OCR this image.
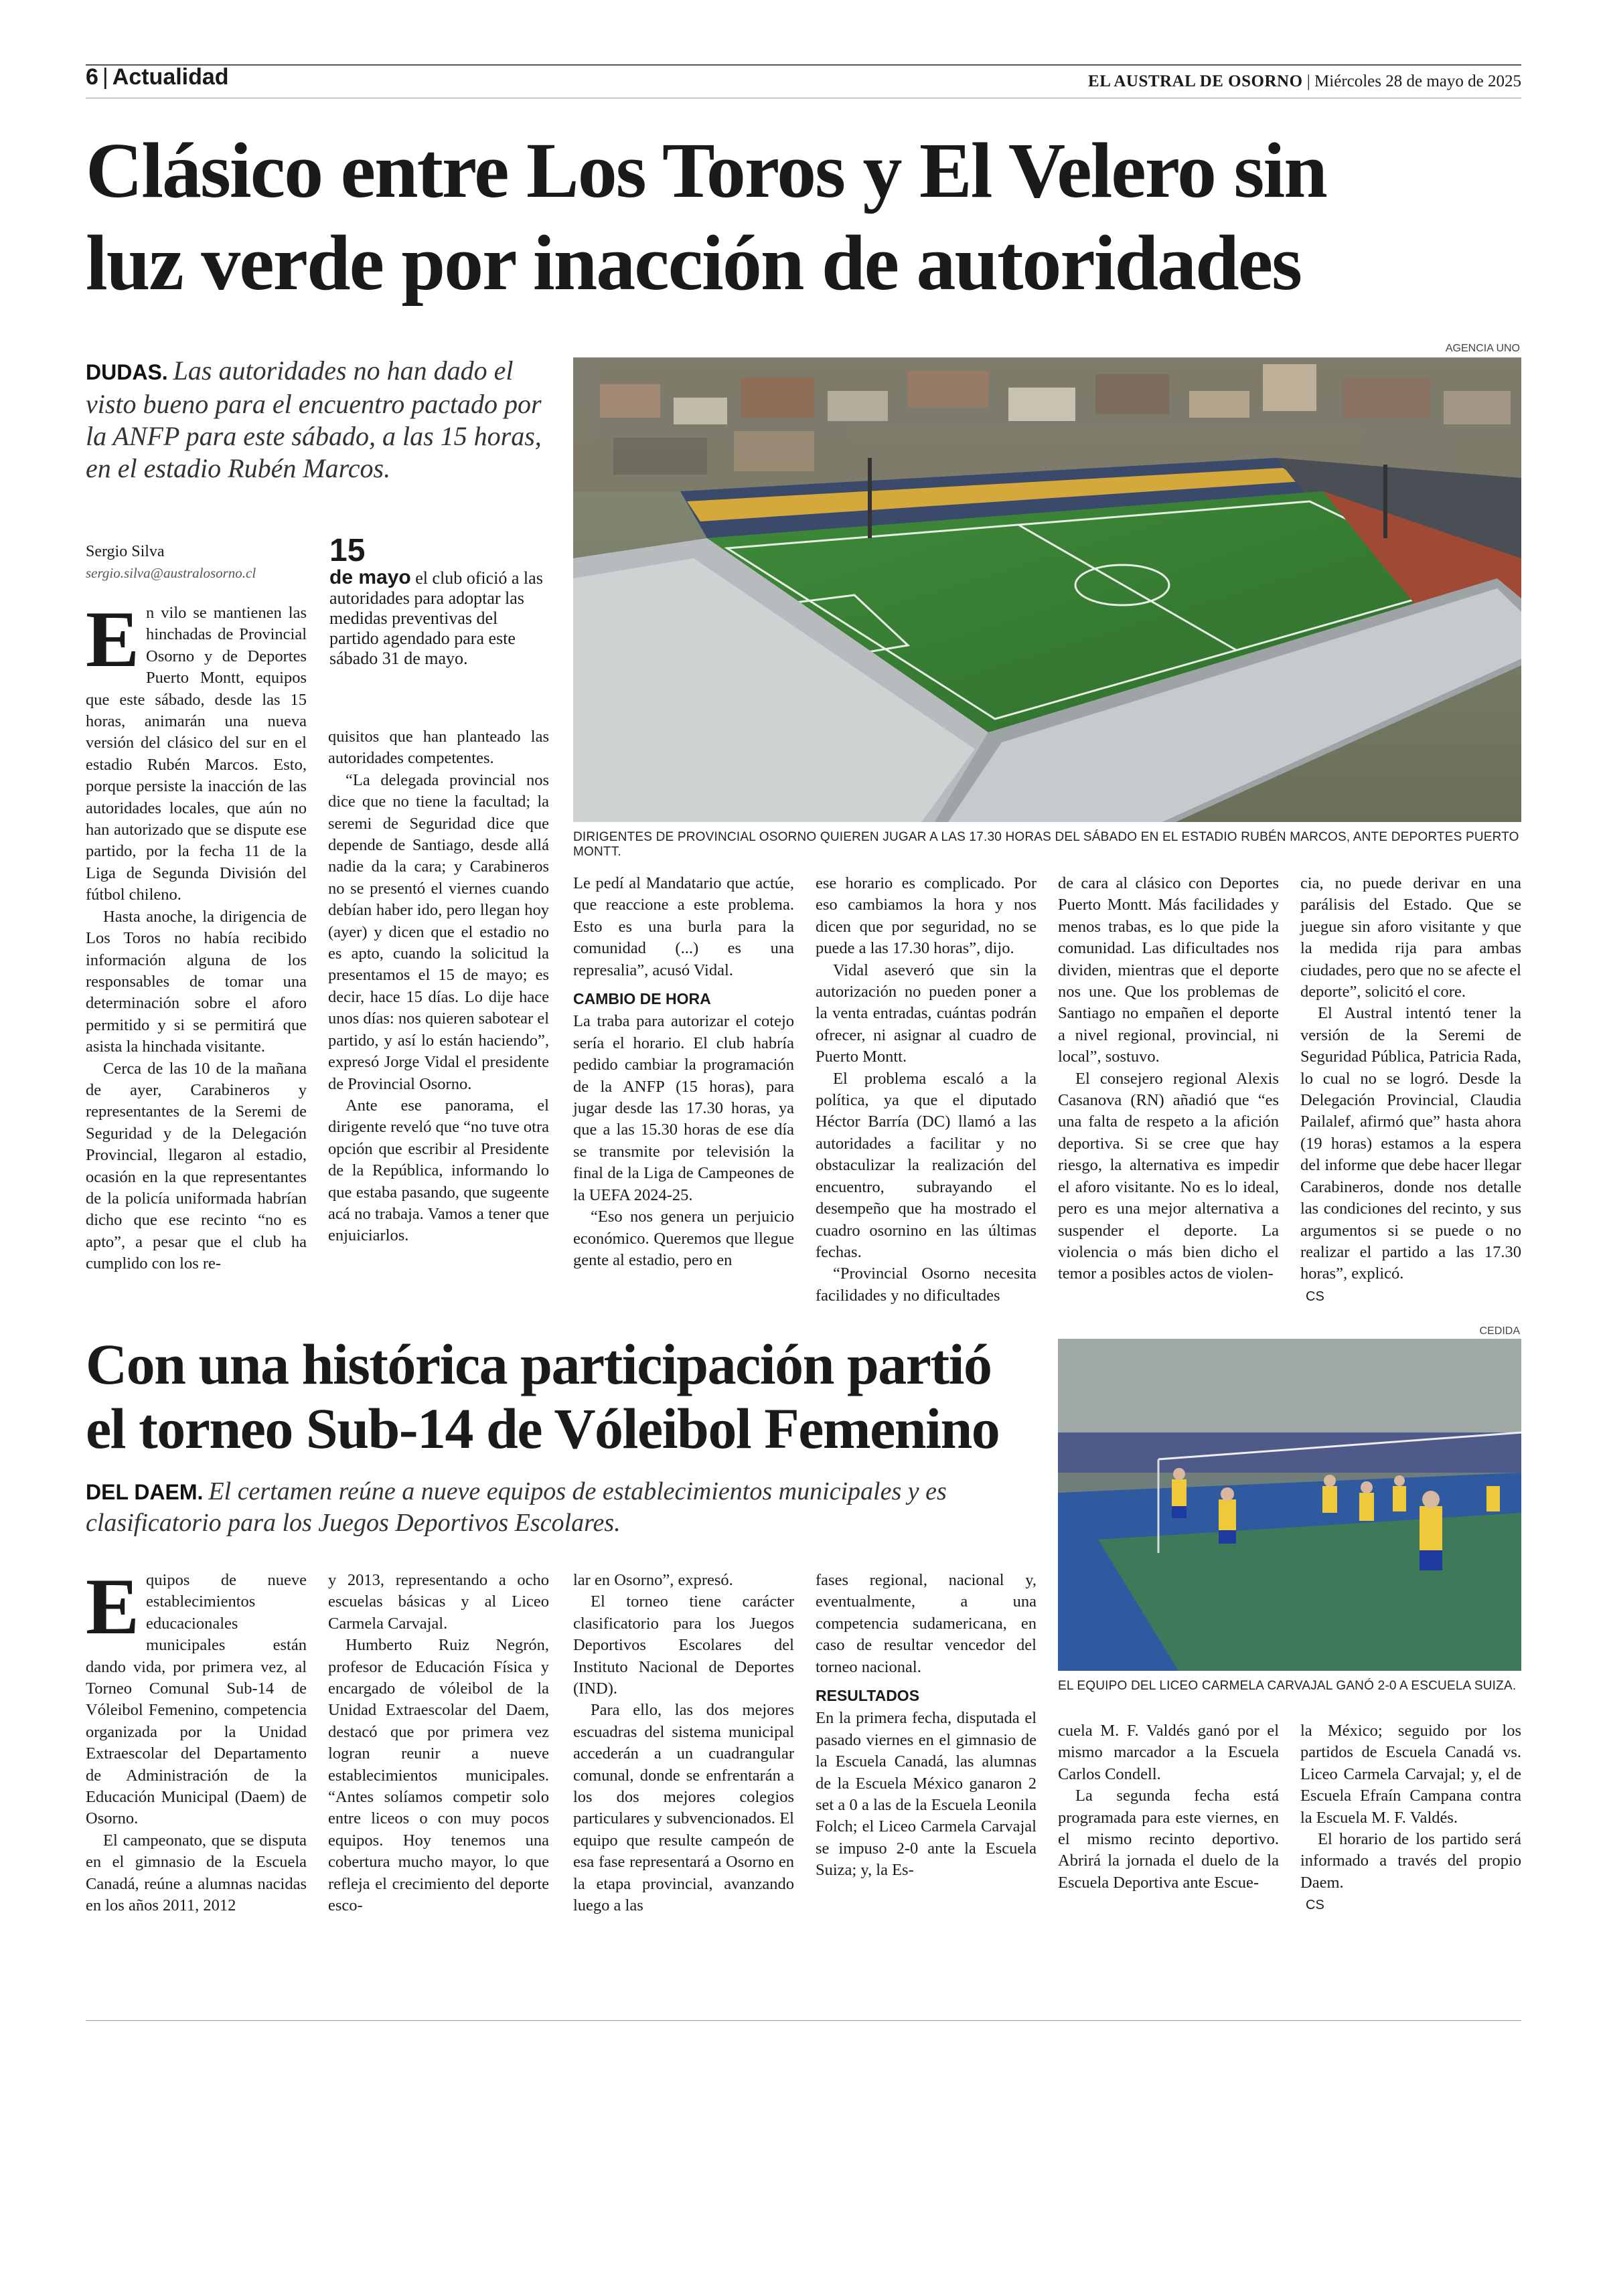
6 | Actualidad	EL AUSTRAL DE OSORNO | Miércoles 28 de mayo de 2025
Clásico entre Los Toros y El Velero sin
luz verde por inacción de autoridades
DUDAS. Las autoridades no han dado el visto bueno para el encuentro pactado por la ANFP para este sábado, a las 15 horas, en el estadio Rubén Marcos.
AGENCIA UNO
DIRIGENTES DE PROVINCIAL OSORNO QUIEREN JUGAR A LAS 17.30 HORAS DEL SÁBADO EN EL ESTADIO RUBÉN MARCOS, ANTE DEPORTES PUERTO MONTT.
Sergio Silva
sergio.silva@australosorno.cl
15
de mayo el club ofició a las autoridades para adoptar las medidas preventivas del partido agendado para este sábado 31 de mayo.
E n vilo se mantienen las hinchadas de Provincial Osorno y de Deportes Puerto Montt, equipos que este sábado, desde las 15 horas, animarán una nueva versión del clásico del sur en el estadio Rubén Marcos. Esto, porque persiste la inacción de las autoridades locales, que aún no han autorizado que se dispute ese partido, por la fecha 11 de la Liga de Segunda División del fútbol chileno.

Hasta anoche, la dirigencia de Los Toros no había recibido información alguna de los responsables de tomar una determinación sobre el aforo permitido y si se permitirá que asista la hinchada visitante.

Cerca de las 10 de la mañana de ayer, Carabineros y representantes de la Seremi de Seguridad y de la Delegación Provincial, llegaron al estadio, ocasión en la que representantes de la policía uniformada habrían dicho que ese recinto “no es apto”, a pesar que el club ha cumplido con los re-

quisitos que han planteado las autoridades competentes.

“La delegada provincial nos dice que no tiene la facultad; la seremi de Seguridad dice que depende de Santiago, desde allá nadie da la cara; y Carabineros no se presentó el viernes cuando debían haber ido, pero llegan hoy (ayer) y dicen que el estadio no es apto, cuando la solicitud la presentamos el 15 de mayo; es decir, hace 15 días. Lo dije hace unos días: nos quieren sabotear el partido, y así lo están haciendo”, expresó Jorge Vidal el presidente de Provincial Osorno.

Ante ese panorama, el dirigente reveló que “no tuve otra opción que escribir al Presidente de la República, informando lo que estaba pasando, que sugeente acá no trabaja. Vamos a tener que enjuiciarlos.

Le pedí al Mandatario que actúe, que reaccione a este problema. Esto es una burla para la comunidad (...) es una represalia”, acusó Vidal.

CAMBIO DE HORA

La traba para autorizar el cotejo sería el horario. El club habría pedido cambiar la programación de la ANFP (15 horas), para jugar desde las 17.30 horas, ya que a las 15.30 horas de ese día se transmite por televisión la final de la Liga de Campeones de la UEFA 2024-25.

“Eso nos genera un perjuicio económico. Queremos que llegue gente al estadio, pero en

ese horario es complicado. Por eso cambiamos la hora y nos dicen que por seguridad, no se puede a las 17.30 horas”, dijo.

Vidal aseveró que sin la autorización no pueden poner a la venta entradas, cuántas podrán ofrecer, ni asignar al cuadro de Puerto Montt.

El problema escaló a la política, ya que el diputado Héctor Barría (DC) llamó a las autoridades a facilitar y no obstaculizar la realización del encuentro, subrayando el desempeño que ha mostrado el cuadro osornino en las últimas fechas.

“Provincial Osorno necesita facilidades y no dificultades

de cara al clásico con Deportes Puerto Montt. Más facilidades y menos trabas, es lo que pide la comunidad. Las dificultades nos dividen, mientras que el deporte nos une. Que los problemas de Santiago no empañen el deporte a nivel regional, provincial, ni local”, sostuvo.

El consejero regional Alexis Casanova (RN) añadió que “es una falta de respeto a la afición deportiva. Si se cree que hay riesgo, la alternativa es impedir el aforo visitante. No es lo ideal, pero es una mejor alternativa a suspender el deporte. La violencia o más bien dicho el temor a posibles actos de violen-

cia, no puede derivar en una parálisis del Estado. Que se juegue sin aforo visitante y que la medida rija para ambas ciudades, pero que no se afecte el deporte”, solicitó el core.

El Austral intentó tener la versión de la Seremi de Seguridad Pública, Patricia Rada, lo cual no se logró. Desde la Delegación Provincial, Claudia Pailalef, afirmó que” hasta ahora (19 horas) estamos a la espera del informe que debe hacer llegar Carabineros, donde nos detalle las condiciones del recinto, y sus argumentos si se puede o no realizar el partido a las 17.30 horas”, explicó.

CS
Con una histórica participación partió
el torneo Sub-14 de Vóleibol Femenino
DEL DAEM. El certamen reúne a nueve equipos de establecimientos municipales y es clasificatorio para los Juegos Deportivos Escolares.
CEDIDA
EL EQUIPO DEL LICEO CARMELA CARVAJAL GANÓ 2-0 A ESCUELA SUIZA.
E quipos de nueve establecimientos educacionales municipales están dando vida, por primera vez, al Torneo Comunal Sub-14 de Vóleibol Femenino, competencia organizada por la Unidad Extraescolar del Departamento de Administración de la Educación Municipal (Daem) de Osorno.

El campeonato, que se disputa en el gimnasio de la Escuela Canadá, reúne a alumnas nacidas en los años 2011, 2012

y 2013, representando a ocho escuelas básicas y al Liceo Carmela Carvajal.

Humberto Ruiz Negrón, profesor de Educación Física y encargado de vóleibol de la Unidad Extraescolar del Daem, destacó que por primera vez logran reunir a nueve establecimientos municipales. “Antes solíamos competir solo entre liceos o con muy pocos equipos. Hoy tenemos una cobertura mucho mayor, lo que refleja el crecimiento del deporte esco-

lar en Osorno”, expresó.

El torneo tiene carácter clasificatorio para los Juegos Deportivos Escolares del Instituto Nacional de Deportes (IND).

Para ello, las dos mejores escuadras del sistema municipal accederán a un cuadrangular comunal, donde se enfrentarán a los dos mejores colegios particulares y subvencionados. El equipo que resulte campeón de esa fase representará a Osorno en la etapa provincial, avanzando luego a las

fases regional, nacional y, eventualmente, a una competencia sudamericana, en caso de resultar vencedor del torneo nacional.

RESULTADOS

En la primera fecha, disputada el pasado viernes en el gimnasio de la Escuela Canadá, las alumnas de la Escuela México ganaron 2 set a 0 a las de la Escuela Leonila Folch; el Liceo Carmela Carvajal se impuso 2-0 ante la Escuela Suiza; y, la Es-

cuela M. F. Valdés ganó por el mismo marcador a la Escuela Carlos Condell.

La segunda fecha está programada para este viernes, en el mismo recinto deportivo. Abrirá la jornada el duelo de la Escuela Deportiva ante Escue-

la México; seguido por los partidos de Escuela Canadá vs. Liceo Carmela Carvajal; y, el de Escuela Efraín Campana contra la Escuela M. F. Valdés.

El horario de los partido será informado a través del propio Daem.

CS
